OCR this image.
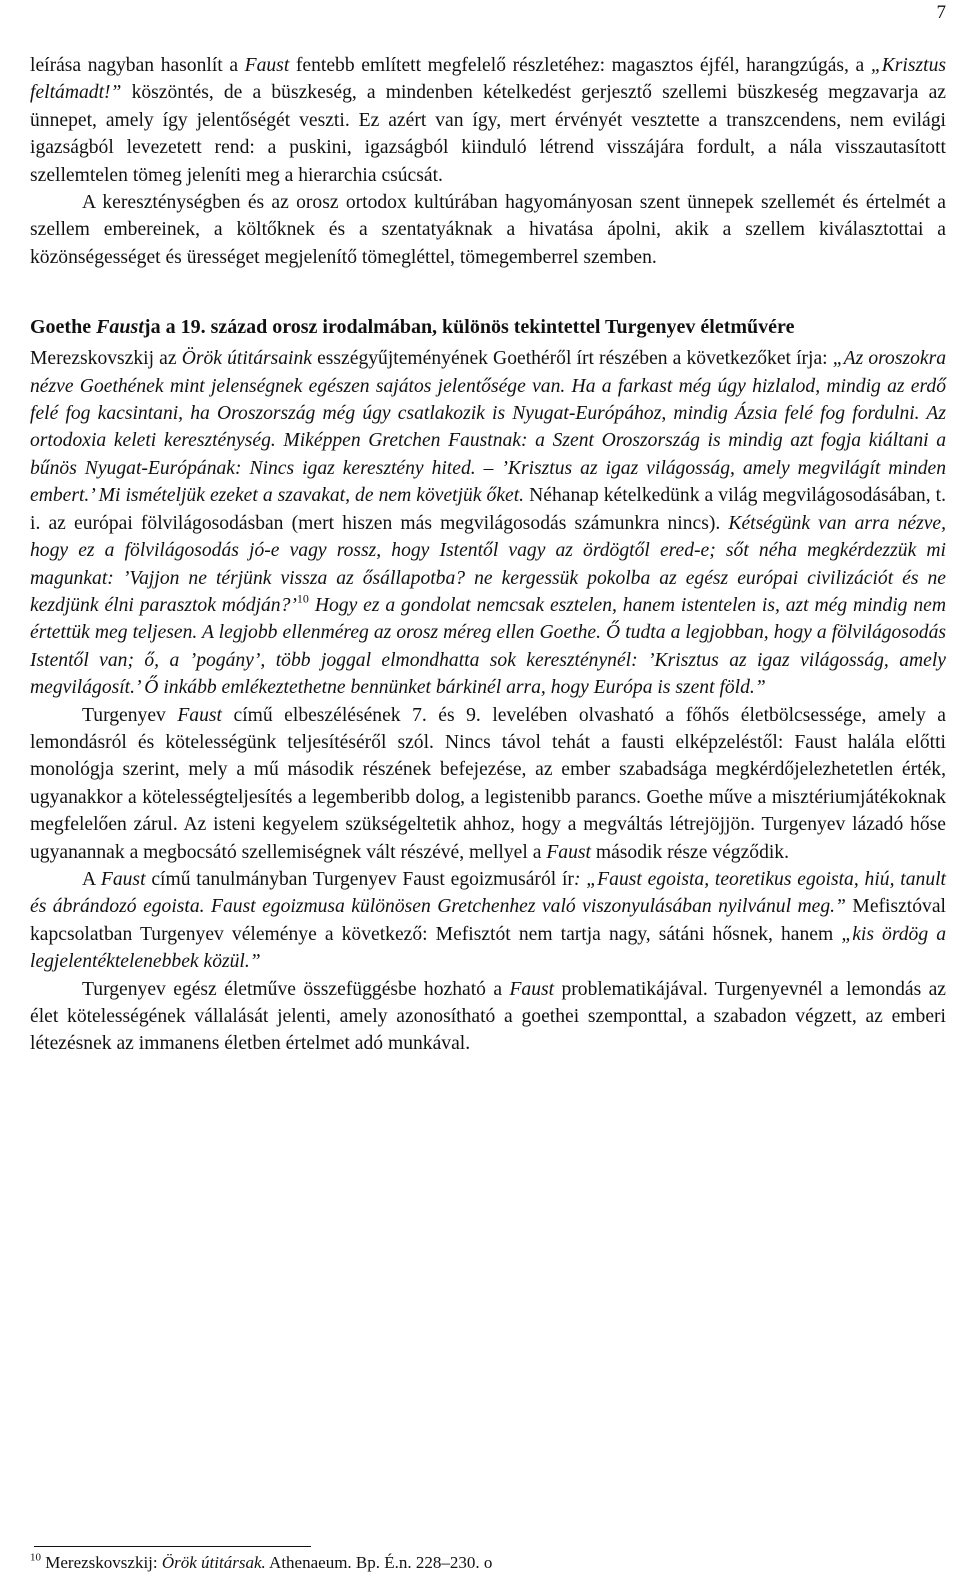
7

leírása nagyban hasonlít a Faust fentebb említett megfelelő részletéhez: magasztos éjfél, harangzúgás, a „Krisztus feltámadt!” köszöntés, de a büszkeség, a mindenben kételkedést gerjesztő szellemi büszkeség megzavarja az ünnepet, amely így jelentőségét veszti. Ez azért van így, mert érvényét vesztette a transzcendens, nem evilági igazságból levezetett rend: a puskini, igazságból kiinduló létrend visszájára fordult, a nála visszautasított szellemtelen tömeg jeleníti meg a hierarchia csúcsát.

A kereszténységben és az orosz ortodox kultúrában hagyományosan szent ünnepek szellemét és értelmét a szellem embereinek, a költőknek és a szentatyáknak a hivatása ápolni, akik a szellem kiválasztottai a közönségességet és ürességet megjelenítő tömegléttel, tömegemberrel szemben.

Goethe Faustja a 19. század orosz irodalmában, különös tekintettel Turgenyev életművére

Merezskovszkij az Örök útitársaink esszégyűjteményének Goethéről írt részében a következőket írja: „Az oroszokra nézve Goethének mint jelenségnek egészen sajátos jelentősége van. Ha a farkast még úgy hizlalod, mindig az erdő felé fog kacsintani, ha Oroszország még úgy csatlakozik is Nyugat-Európához, mindig Ázsia felé fog fordulni. Az ortodoxia keleti kereszténység. Miképpen Gretchen Faustnak: a Szent Oroszország is mindig azt fogja kiáltani a bűnös Nyugat-Európának: Nincs igaz keresztény hited. – ’Krisztus az igaz világosság, amely megvilágít minden embert.’ Mi ismételjük ezeket a szavakat, de nem követjük őket. Néhanap kételkedünk a világ megvilágosodásában, t. i. az európai fölvilágosodásban (mert hiszen más megvilágosodás számunkra nincs). Kétségünk van arra nézve, hogy ez a fölvilágosodás jó-e vagy rossz, hogy Istentől vagy az ördögtől ered-e; sőt néha megkérdezzük mi magunkat: ’Vajjon ne térjünk vissza az ősállapotba? ne kergessük pokolba az egész európai civilizációt és ne kezdjünk élni parasztok módján?’$^{10}$ Hogy ez a gondolat nemcsak esztelen, hanem istentelen is, azt még mindig nem értettük meg teljesen. A legjobb ellenméreg az orosz méreg ellen Goethe. Ő tudta a legjobban, hogy a fölvilágosodás Istentől van; ő, a ’pogány’, több joggal elmondhatta sok kereszténynél: ’Krisztus az igaz világosság, amely megvilágosít.’ Ő inkább emlékeztethetne bennünket bárkinél arra, hogy Európa is szent föld.”

Turgenyev Faust című elbeszélésének 7. és 9. levelében olvasható a főhős életbölcsessége, amely a lemondásról és kötelességünk teljesítéséről szól. Nincs távol tehát a fausti elképzeléstől: Faust halála előtti monológja szerint, mely a mű második részének befejezése, az ember szabadsága megkérdőjelezhetetlen érték, ugyanakkor a kötelességteljesítés a legemberibb dolog, a legistenibb parancs. Goethe műve a misztériumjátékoknak megfelelően zárul. Az isteni kegyelem szükségeltetik ahhoz, hogy a megváltás létrejöjjön. Turgenyev lázadó hőse ugyanannak a megbocsátó szellemiségnek vált részévé, mellyel a Faust második része végződik.

A Faust című tanulmányban Turgenyev Faust egoizmusáról ír: „Faust egoista, teoretikus egoista, hiú, tanult és ábrándozó egoista. Faust egoizmusa különösen Gretchenhez való viszonyulásában nyilvánul meg.” Mefisztóval kapcsolatban Turgenyev véleménye a következő: Mefisztót nem tartja nagy, sátáni hősnek, hanem „kis ördög a legjelentéktelenebbek közül.”

Turgenyev egész életműve összefüggésbe hozható a Faust problematikájával. Turgenyevnél a lemondás az élet kötelességének vállalását jelenti, amely azonosítható a goethei szemponttal, a szabadon végzett, az emberi létezésnek az immanens életben értelmet adó munkával.

$^{10}$ Merezskovszkij: Örök útitársak. Athenaeum. Bp. É.n. 228–230. o
